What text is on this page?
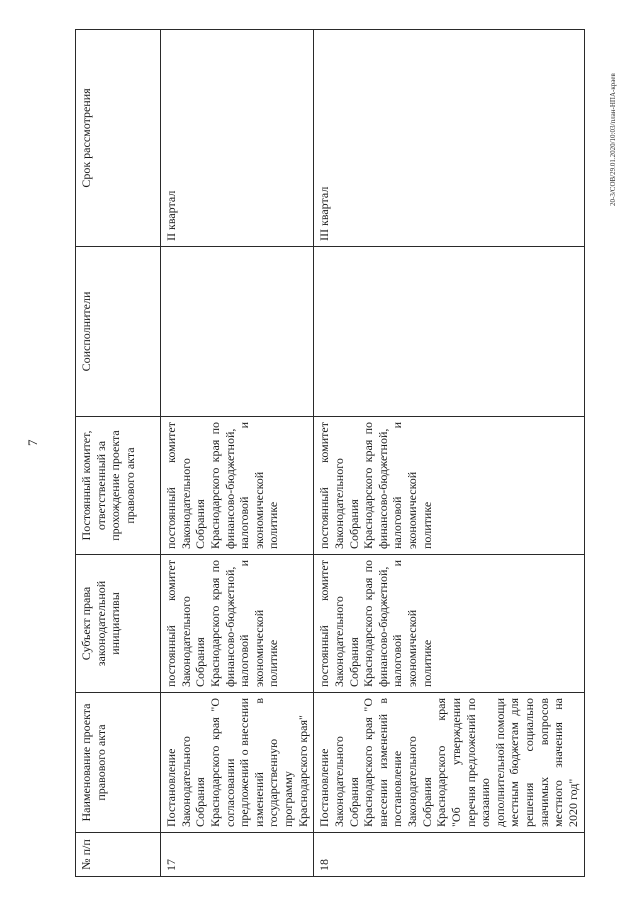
7
20-3/СОВ/29.01.2020/10:03/план-НПА-краев
№ п/п	Наименование проекта правового акта	Субъект права законодательной инициативы	Постоянный комитет, ответственный за прохождение проекта правового акта	Соисполнители	Срок рассмотрения
17	Постановление Законодательного Собрания Краснодарского края "О согласовании предложений о внесении изменений в государственную программу Краснодарского края"	постоянный комитет Законодательного Собрания Краснодарского края по финансово-бюджетной, налоговой и экономической политике	постоянный комитет Законодательного Собрания Краснодарского края по финансово-бюджетной, налоговой и экономической политике		II квартал
18	Постановление Законодательного Собрания Краснодарского края "О внесении изменений в постановление Законодательного Собрания Краснодарского края "Об утверждении перечня предложений по оказанию дополнительной помощи местным бюджетам для решения социально значимых вопросов местного значения на 2020 год"	постоянный комитет Законодательного Собрания Краснодарского края по финансово-бюджетной, налоговой и экономической политике	постоянный комитет Законодательного Собрания Краснодарского края по финансово-бюджетной, налоговой и экономической политике		III квартал
